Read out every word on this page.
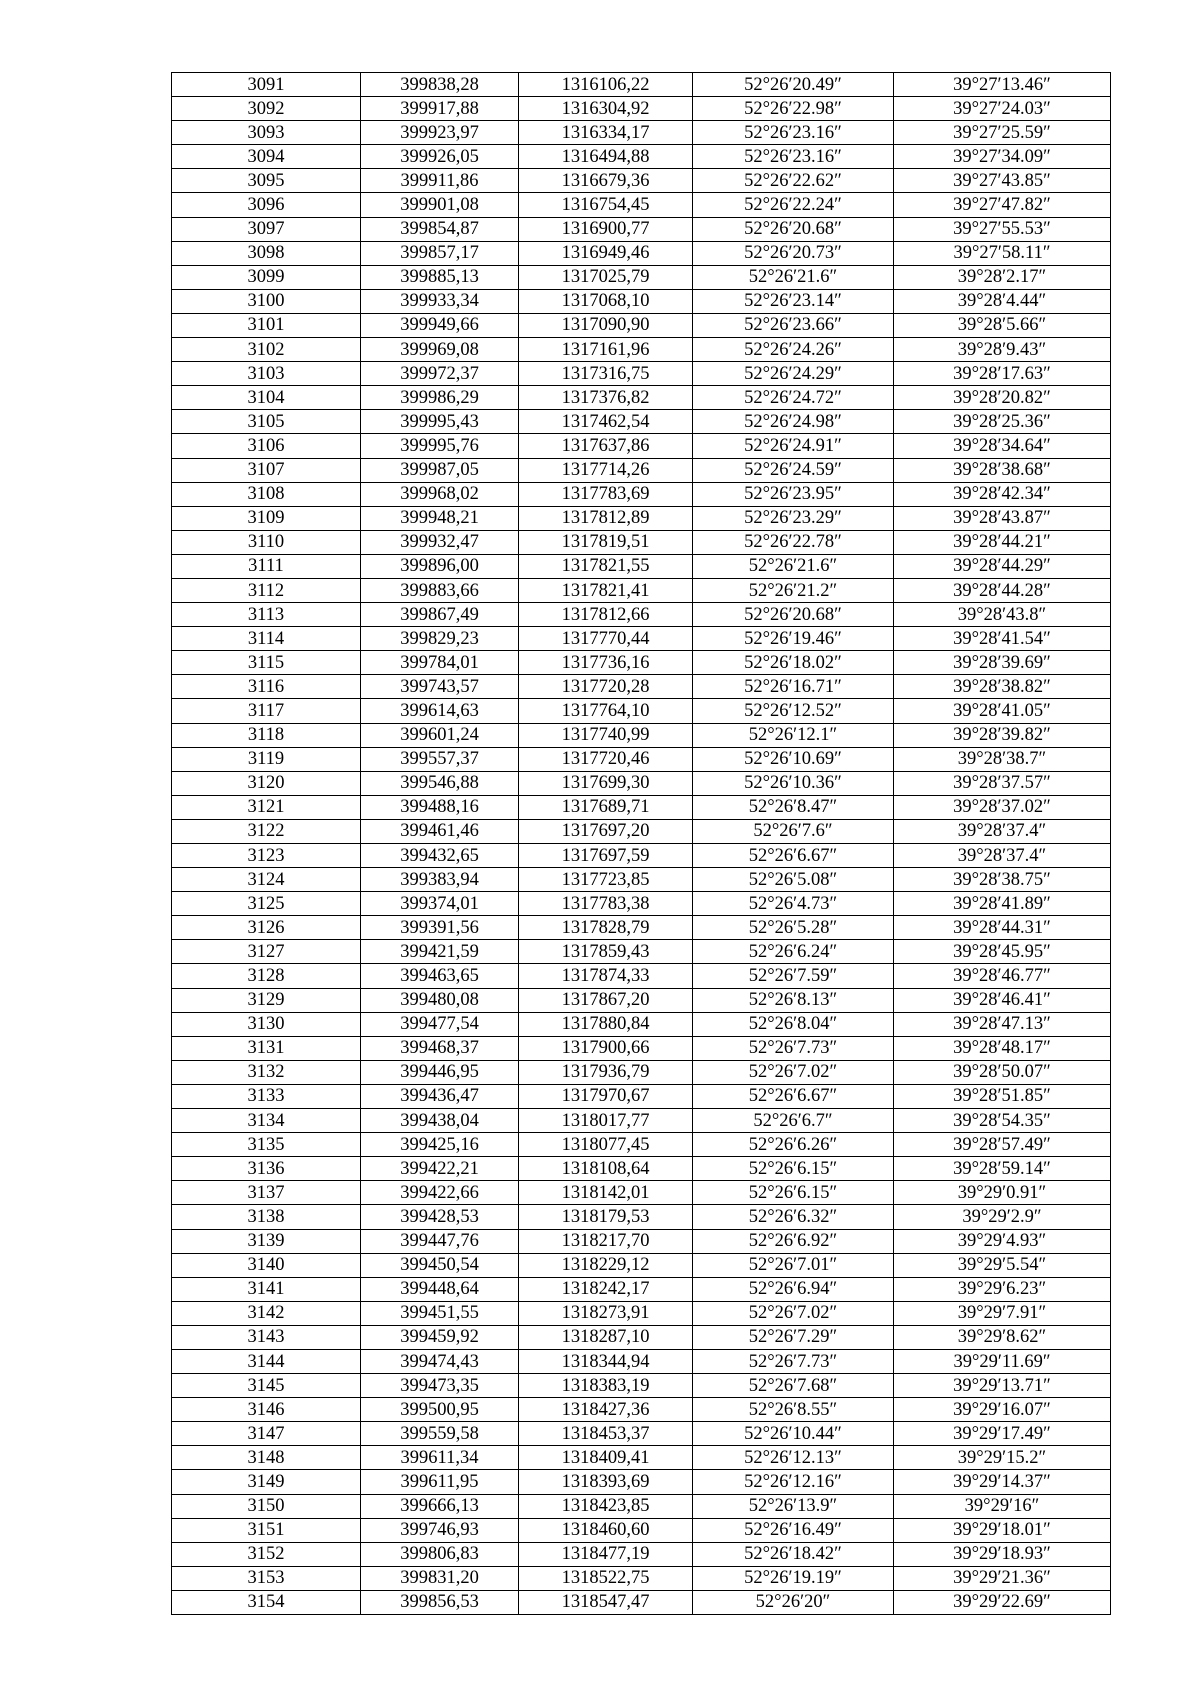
3091	399838,28	1316106,22	52°26′20.49″	39°27′13.46″
3092	399917,88	1316304,92	52°26′22.98″	39°27′24.03″
3093	399923,97	1316334,17	52°26′23.16″	39°27′25.59″
3094	399926,05	1316494,88	52°26′23.16″	39°27′34.09″
3095	399911,86	1316679,36	52°26′22.62″	39°27′43.85″
3096	399901,08	1316754,45	52°26′22.24″	39°27′47.82″
3097	399854,87	1316900,77	52°26′20.68″	39°27′55.53″
3098	399857,17	1316949,46	52°26′20.73″	39°27′58.11″
3099	399885,13	1317025,79	52°26′21.6″	39°28′2.17″
3100	399933,34	1317068,10	52°26′23.14″	39°28′4.44″
3101	399949,66	1317090,90	52°26′23.66″	39°28′5.66″
3102	399969,08	1317161,96	52°26′24.26″	39°28′9.43″
3103	399972,37	1317316,75	52°26′24.29″	39°28′17.63″
3104	399986,29	1317376,82	52°26′24.72″	39°28′20.82″
3105	399995,43	1317462,54	52°26′24.98″	39°28′25.36″
3106	399995,76	1317637,86	52°26′24.91″	39°28′34.64″
3107	399987,05	1317714,26	52°26′24.59″	39°28′38.68″
3108	399968,02	1317783,69	52°26′23.95″	39°28′42.34″
3109	399948,21	1317812,89	52°26′23.29″	39°28′43.87″
3110	399932,47	1317819,51	52°26′22.78″	39°28′44.21″
3111	399896,00	1317821,55	52°26′21.6″	39°28′44.29″
3112	399883,66	1317821,41	52°26′21.2″	39°28′44.28″
3113	399867,49	1317812,66	52°26′20.68″	39°28′43.8″
3114	399829,23	1317770,44	52°26′19.46″	39°28′41.54″
3115	399784,01	1317736,16	52°26′18.02″	39°28′39.69″
3116	399743,57	1317720,28	52°26′16.71″	39°28′38.82″
3117	399614,63	1317764,10	52°26′12.52″	39°28′41.05″
3118	399601,24	1317740,99	52°26′12.1″	39°28′39.82″
3119	399557,37	1317720,46	52°26′10.69″	39°28′38.7″
3120	399546,88	1317699,30	52°26′10.36″	39°28′37.57″
3121	399488,16	1317689,71	52°26′8.47″	39°28′37.02″
3122	399461,46	1317697,20	52°26′7.6″	39°28′37.4″
3123	399432,65	1317697,59	52°26′6.67″	39°28′37.4″
3124	399383,94	1317723,85	52°26′5.08″	39°28′38.75″
3125	399374,01	1317783,38	52°26′4.73″	39°28′41.89″
3126	399391,56	1317828,79	52°26′5.28″	39°28′44.31″
3127	399421,59	1317859,43	52°26′6.24″	39°28′45.95″
3128	399463,65	1317874,33	52°26′7.59″	39°28′46.77″
3129	399480,08	1317867,20	52°26′8.13″	39°28′46.41″
3130	399477,54	1317880,84	52°26′8.04″	39°28′47.13″
3131	399468,37	1317900,66	52°26′7.73″	39°28′48.17″
3132	399446,95	1317936,79	52°26′7.02″	39°28′50.07″
3133	399436,47	1317970,67	52°26′6.67″	39°28′51.85″
3134	399438,04	1318017,77	52°26′6.7″	39°28′54.35″
3135	399425,16	1318077,45	52°26′6.26″	39°28′57.49″
3136	399422,21	1318108,64	52°26′6.15″	39°28′59.14″
3137	399422,66	1318142,01	52°26′6.15″	39°29′0.91″
3138	399428,53	1318179,53	52°26′6.32″	39°29′2.9″
3139	399447,76	1318217,70	52°26′6.92″	39°29′4.93″
3140	399450,54	1318229,12	52°26′7.01″	39°29′5.54″
3141	399448,64	1318242,17	52°26′6.94″	39°29′6.23″
3142	399451,55	1318273,91	52°26′7.02″	39°29′7.91″
3143	399459,92	1318287,10	52°26′7.29″	39°29′8.62″
3144	399474,43	1318344,94	52°26′7.73″	39°29′11.69″
3145	399473,35	1318383,19	52°26′7.68″	39°29′13.71″
3146	399500,95	1318427,36	52°26′8.55″	39°29′16.07″
3147	399559,58	1318453,37	52°26′10.44″	39°29′17.49″
3148	399611,34	1318409,41	52°26′12.13″	39°29′15.2″
3149	399611,95	1318393,69	52°26′12.16″	39°29′14.37″
3150	399666,13	1318423,85	52°26′13.9″	39°29′16″
3151	399746,93	1318460,60	52°26′16.49″	39°29′18.01″
3152	399806,83	1318477,19	52°26′18.42″	39°29′18.93″
3153	399831,20	1318522,75	52°26′19.19″	39°29′21.36″
3154	399856,53	1318547,47	52°26′20″	39°29′22.69″
